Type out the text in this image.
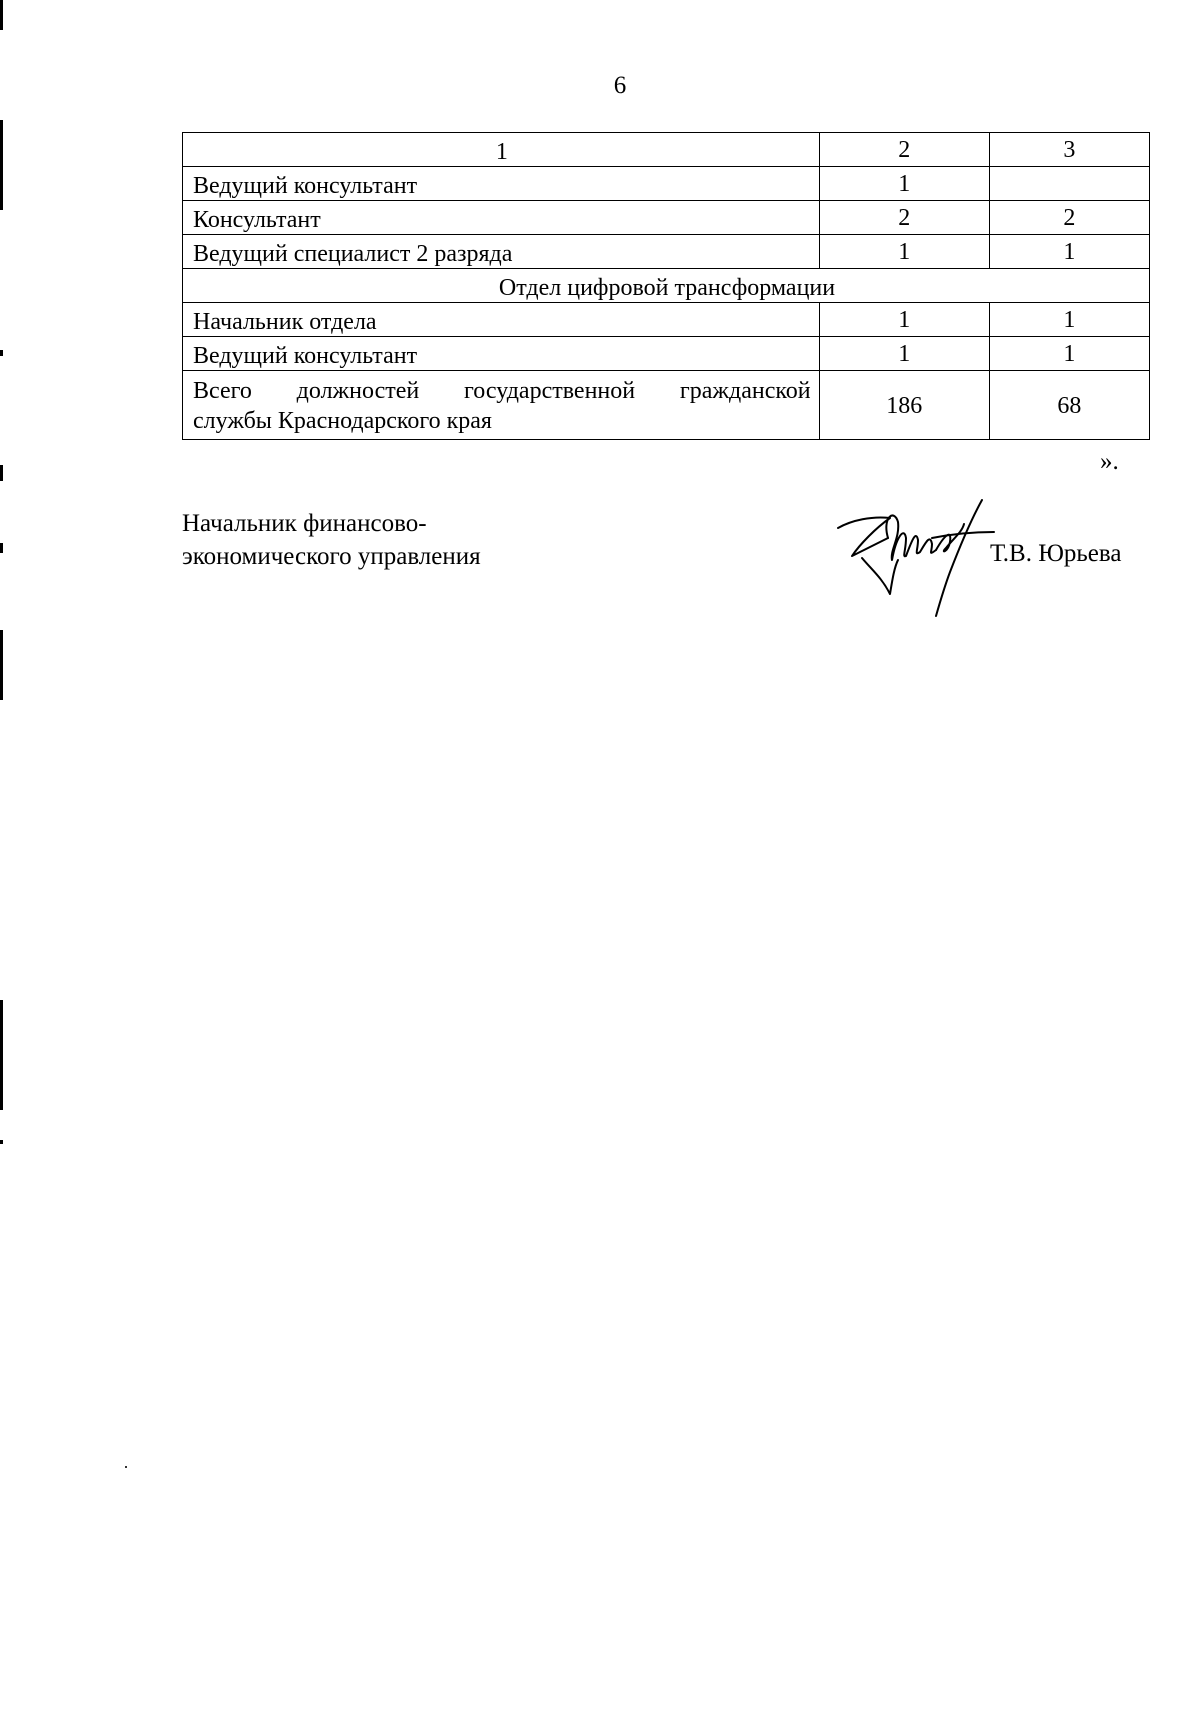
6
1	2	3
Ведущий консультант	1	
Консультант	2	2
Ведущий специалист 2 разряда	1	1
Отдел цифровой трансформации		
Начальник отдела	1	1
Ведущий консультант	1	1

Всего должностей государственной гражданской
службы Краснодарского края	186	68
».
Начальник финансово-
экономического управления	Т.В. Юрьева
